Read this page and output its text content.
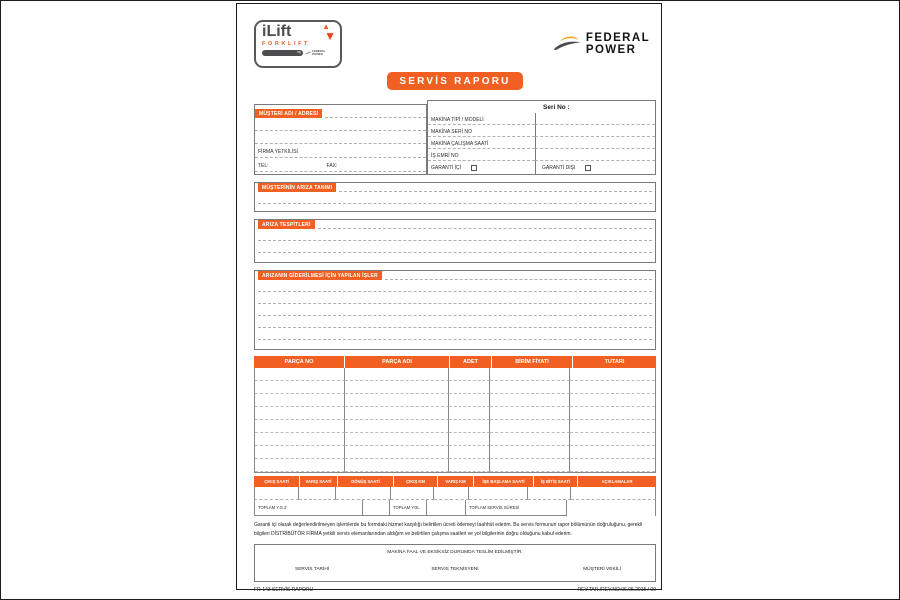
iLift	▲
▼
FORKLIFT
by	FEDERAL POWER
FEDERAL
POWER
SERVİS RAPORU
MÜŞTERİ ADI / ADRESİ
FİRMA YETKİLİSİ
TEL:	FAX:
Seri No :
MAKİNA TİPİ / MODELİ
MAKİNA SERİ NO
MAKİNA ÇALIŞMA SAATİ
İŞ EMRİ NO
GARANTİ İÇİ	GARANTİ DIŞI
MÜŞTERİNİN ARIZA TANIMI
ARIZA TESPİTLERİ
ARIZANIN GİDERİLMESİ İÇİN YAPILAN İŞLER
PARÇA NO	PARÇA ADI	ADET	BİRİM FİYATI	TUTARI
ÇIKIŞ SAATİ	VARIŞ SAATİ	DÖNÜŞ SAATİ	ÇIKIŞ KM	VARIŞ KM	İŞE BAŞLAMA SAATİ	İŞ BİTİŞ SAATİ	AÇIKLAMALAR
TOPLAM Y.G.Z	TOPLAM YOL	TOPLAM SERVİS SÜRESİ
Garanti içi olarak değerlendirilmeyen işlemlerde bu formdaki hizmet karşılığı belirtilen ücreti ödemeyi taahhüt ederim. Bu servis formunun rapor bölümünün doğruluğunu, gerekli bilgileri DİSTRİBÜTÖR FİRMA yetkili servis elemanlarından aldığım ve belirtilen çalışma saatleri ve yol bilgilerinin doğru olduğunu kabul ederim.
MAKİNA FAAL VE EKSİKSİZ DURUMDA TESLİM EDİLMİŞTİR.
SERVİS TARİHİ	SERVİS TEKNİSYENİ	MÜŞTERİ VEKİLİ
FR-143 SERVİS RAPORU	REV.TAR./REV.NO:06.05.2015 / 00
